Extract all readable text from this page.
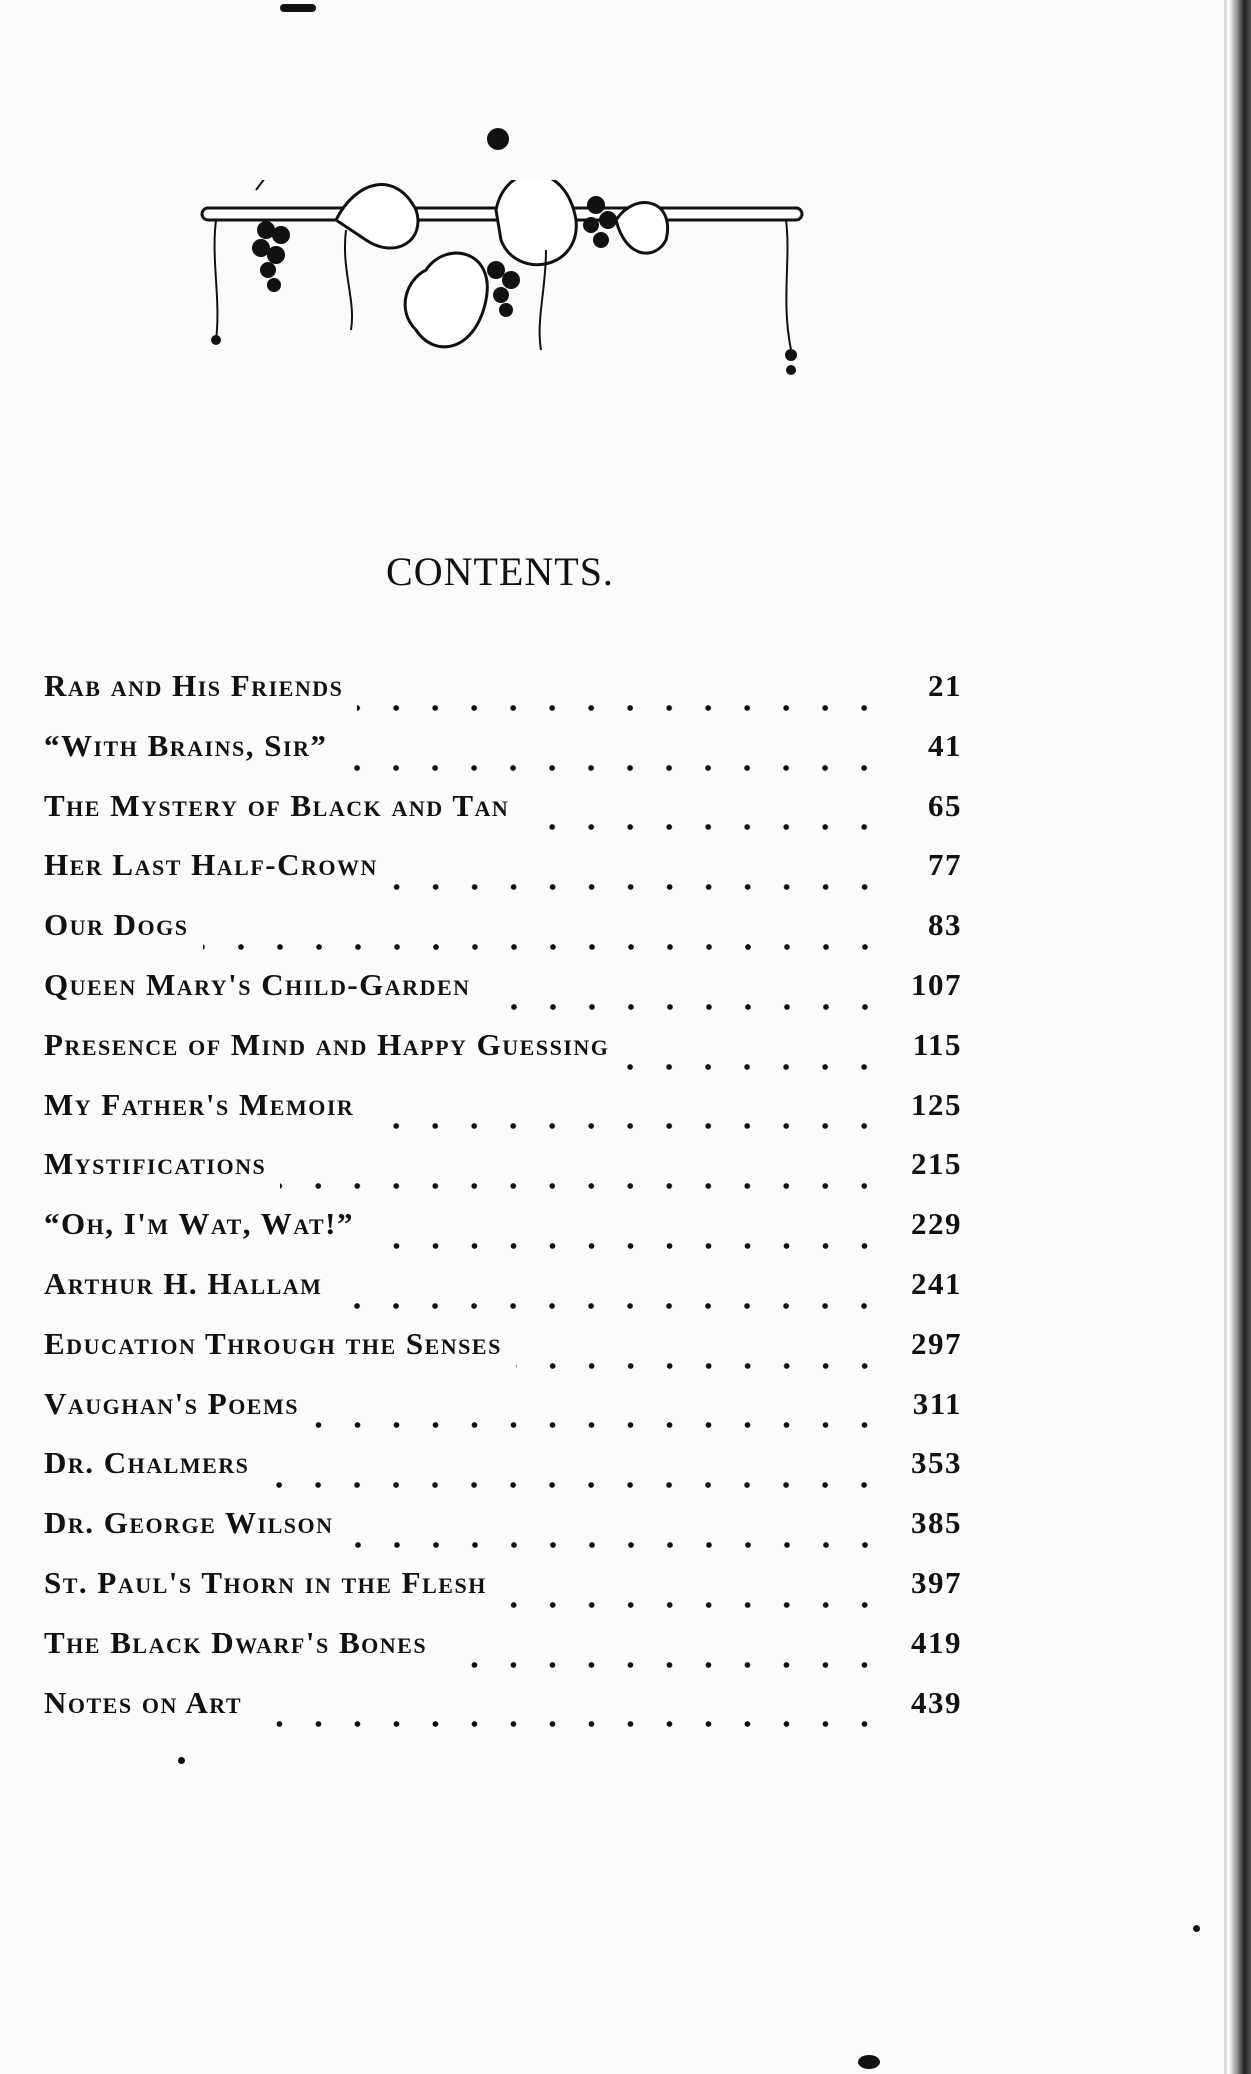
CONTENTS.
Rab and His Friends	21
“With Brains, Sir”	41
The Mystery of Black and Tan	65
Her Last Half-Crown	77
Our Dogs	83
Queen Mary's Child-Garden	107
Presence of Mind and Happy Guessing	115
My Father's Memoir	125
Mystifications	215
“Oh, I'm Wat, Wat!”	229
Arthur H. Hallam	241
Education Through the Senses	297
Vaughan's Poems	311
Dr. Chalmers	353
Dr. George Wilson	385
St. Paul's Thorn in the Flesh	397
The Black Dwarf's Bones	419
Notes on Art	439
